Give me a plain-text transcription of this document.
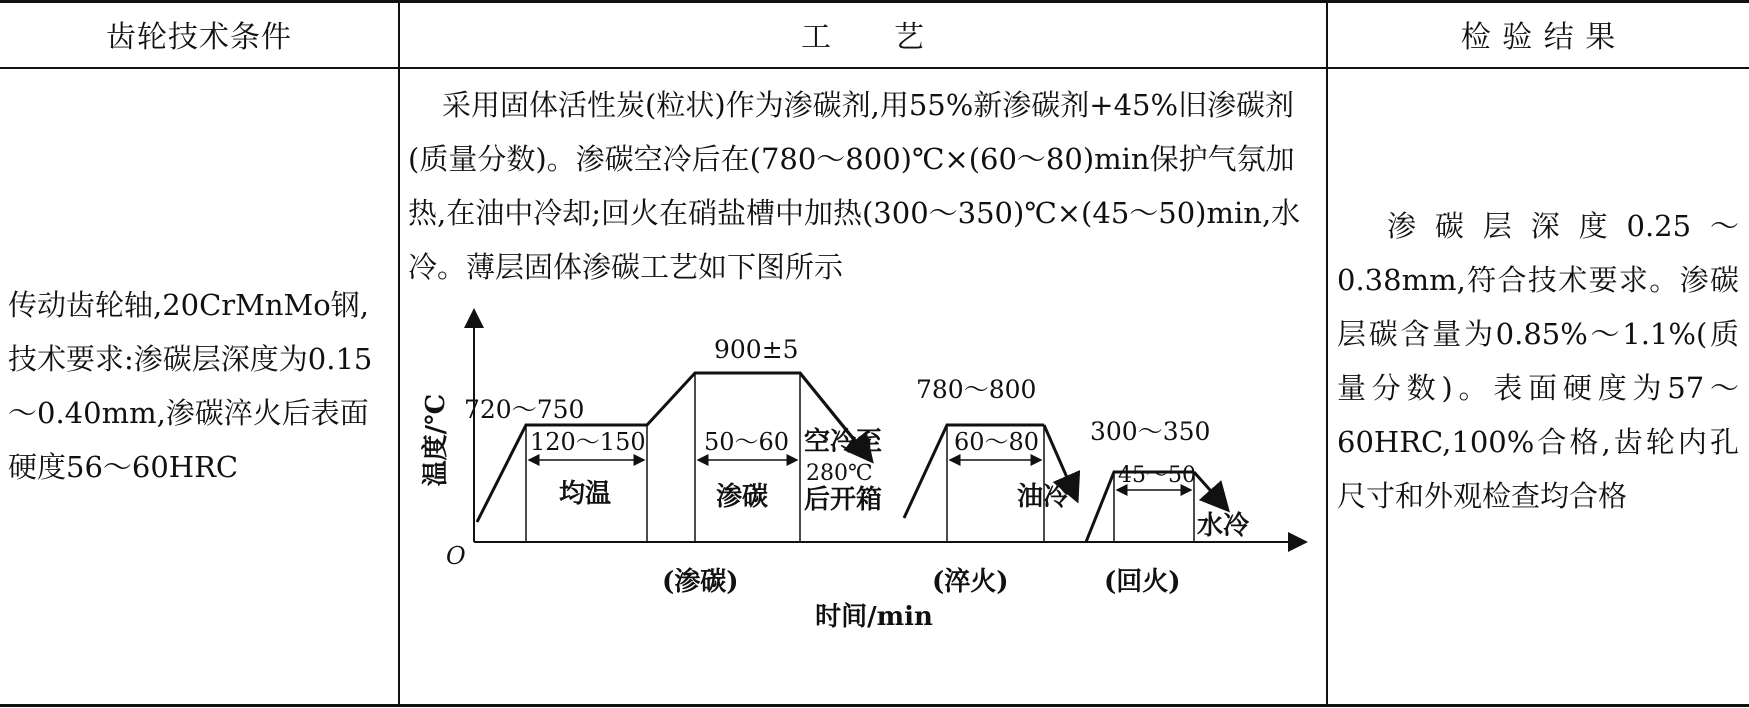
齿轮技术条件	工　　艺	检 验 结 果
传动齿轮轴,20CrMnMo钢,技术要求:渗碳层深度为0.15～0.40mm,渗碳淬火后表面硬度56～60HRC
采用固体活性炭(粒状)作为渗碳剂,用55%新渗碳剂+45%旧渗碳剂(质量分数)。渗碳空冷后在(780～800)℃×(60～80)min保护气氛加热,在油中冷却;回火在硝盐槽中加热(300～350)℃×(45～50)min,水冷。薄层固体渗碳工艺如下图所示
渗碳层深度0.25～0.38mm,符合技术要求。渗碳层碳含量为0.85%～1.1%(质量分数)。表面硬度为57～60HRC,100%合格,齿轮内孔尺寸和外观检查均合格
O
温度/℃
时间/min
720～750
120～150
均温
900±5
50～60
渗碳
780～800
60～80 300～350
45～50
空冷至
280℃
后开箱	油冷
水冷
(渗碳)	(淬火)	(回火)
